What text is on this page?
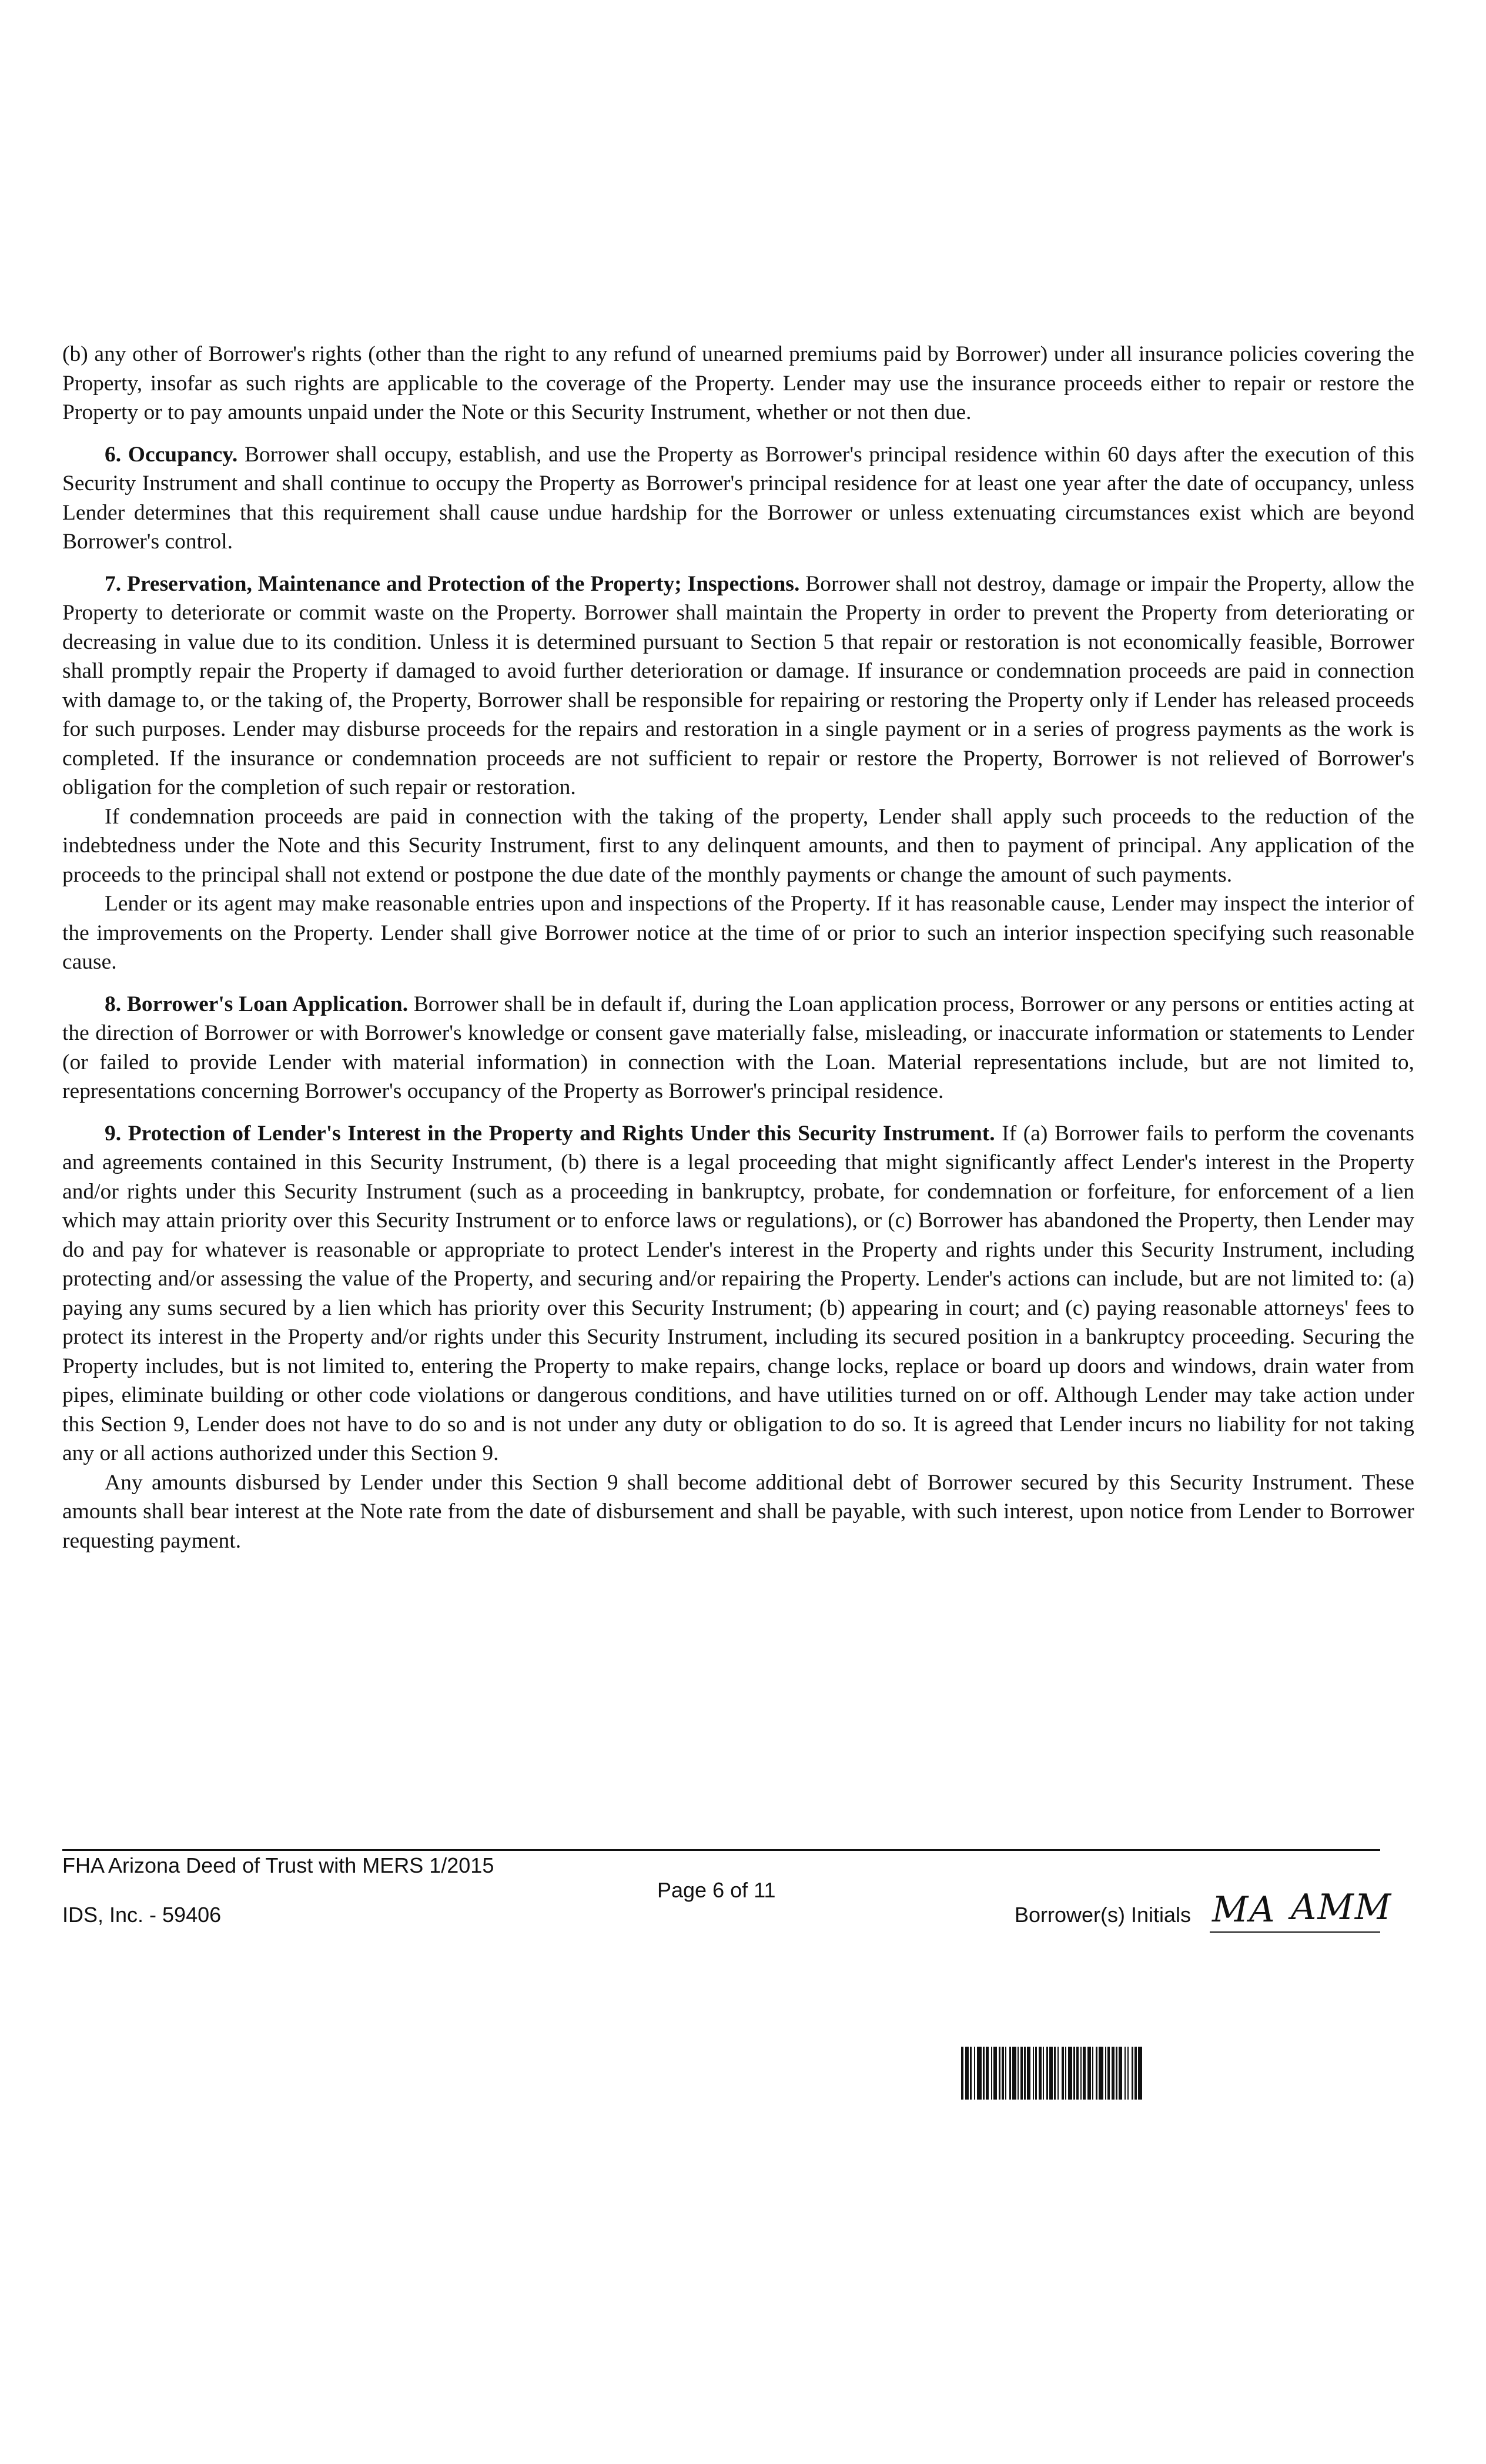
(b) any other of Borrower's rights (other than the right to any refund of unearned premiums paid by Borrower) under all insurance policies covering the Property, insofar as such rights are applicable to the coverage of the Property. Lender may use the insurance proceeds either to repair or restore the Property or to pay amounts unpaid under the Note or this Security Instrument, whether or not then due.

6. Occupancy. Borrower shall occupy, establish, and use the Property as Borrower's principal residence within 60 days after the execution of this Security Instrument and shall continue to occupy the Property as Borrower's principal residence for at least one year after the date of occupancy, unless Lender determines that this requirement shall cause undue hardship for the Borrower or unless extenuating circumstances exist which are beyond Borrower's control.

7. Preservation, Maintenance and Protection of the Property; Inspections. Borrower shall not destroy, damage or impair the Property, allow the Property to deteriorate or commit waste on the Property. Borrower shall maintain the Property in order to prevent the Property from deteriorating or decreasing in value due to its condition. Unless it is determined pursuant to Section 5 that repair or restoration is not economically feasible, Borrower shall promptly repair the Property if damaged to avoid further deterioration or damage. If insurance or condemnation proceeds are paid in connection with damage to, or the taking of, the Property, Borrower shall be responsible for repairing or restoring the Property only if Lender has released proceeds for such purposes. Lender may disburse proceeds for the repairs and restoration in a single payment or in a series of progress payments as the work is completed. If the insurance or condemnation proceeds are not sufficient to repair or restore the Property, Borrower is not relieved of Borrower's obligation for the completion of such repair or restoration.

If condemnation proceeds are paid in connection with the taking of the property, Lender shall apply such proceeds to the reduction of the indebtedness under the Note and this Security Instrument, first to any delinquent amounts, and then to payment of principal. Any application of the proceeds to the principal shall not extend or postpone the due date of the monthly payments or change the amount of such payments.

Lender or its agent may make reasonable entries upon and inspections of the Property. If it has reasonable cause, Lender may inspect the interior of the improvements on the Property. Lender shall give Borrower notice at the time of or prior to such an interior inspection specifying such reasonable cause.

8. Borrower's Loan Application. Borrower shall be in default if, during the Loan application process, Borrower or any persons or entities acting at the direction of Borrower or with Borrower's knowledge or consent gave materially false, misleading, or inaccurate information or statements to Lender (or failed to provide Lender with material information) in connection with the Loan. Material representations include, but are not limited to, representations concerning Borrower's occupancy of the Property as Borrower's principal residence.

9. Protection of Lender's Interest in the Property and Rights Under this Security Instrument. If (a) Borrower fails to perform the covenants and agreements contained in this Security Instrument, (b) there is a legal proceeding that might significantly affect Lender's interest in the Property and/or rights under this Security Instrument (such as a proceeding in bankruptcy, probate, for condemnation or forfeiture, for enforcement of a lien which may attain priority over this Security Instrument or to enforce laws or regulations), or (c) Borrower has abandoned the Property, then Lender may do and pay for whatever is reasonable or appropriate to protect Lender's interest in the Property and rights under this Security Instrument, including protecting and/or assessing the value of the Property, and securing and/or repairing the Property. Lender's actions can include, but are not limited to: (a) paying any sums secured by a lien which has priority over this Security Instrument; (b) appearing in court; and (c) paying reasonable attorneys' fees to protect its interest in the Property and/or rights under this Security Instrument, including its secured position in a bankruptcy proceeding. Securing the Property includes, but is not limited to, entering the Property to make repairs, change locks, replace or board up doors and windows, drain water from pipes, eliminate building or other code violations or dangerous conditions, and have utilities turned on or off. Although Lender may take action under this Section 9, Lender does not have to do so and is not under any duty or obligation to do so. It is agreed that Lender incurs no liability for not taking any or all actions authorized under this Section 9.

Any amounts disbursed by Lender under this Section 9 shall become additional debt of Borrower secured by this Security Instrument. These amounts shall bear interest at the Note rate from the date of disbursement and shall be payable, with such interest, upon notice from Lender to Borrower requesting payment.

FHA Arizona Deed of Trust with MERS 1/2015
IDS, Inc. - 59406
Page 6 of 11
Borrower(s) Initials MA AMM
